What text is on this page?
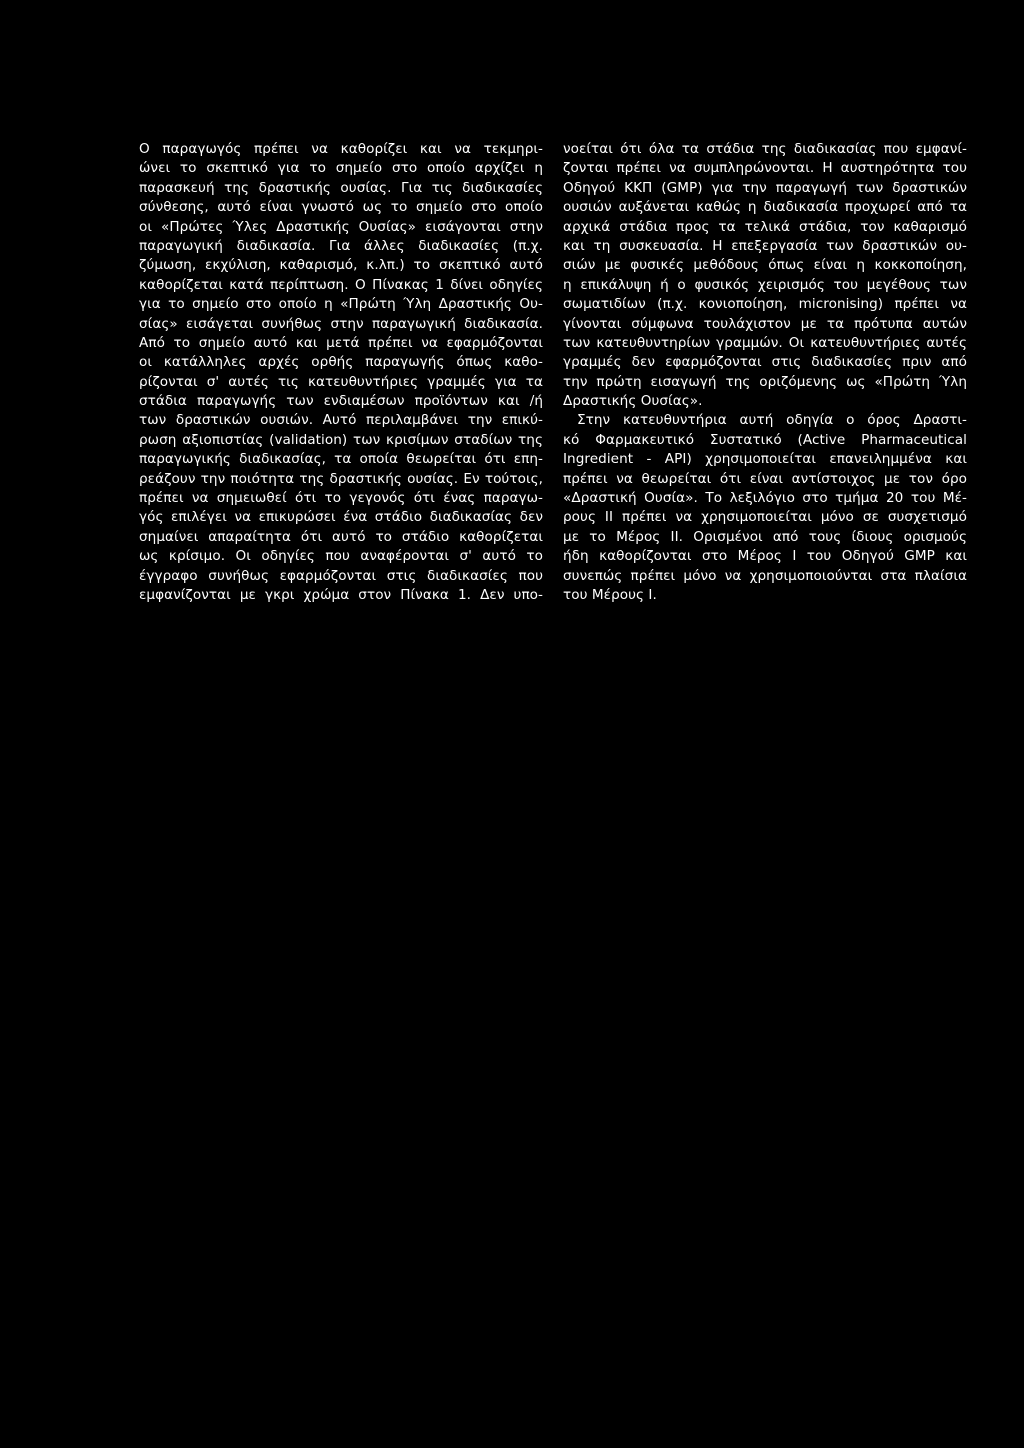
Ο παραγωγός πρέπει να καθορίζει και να τεκμηρι-
ώνει το σκεπτικό για το σημείο στο οποίο αρχίζει η
παρασκευή της δραστικής ουσίας. Για τις διαδικασίες
σύνθεσης, αυτό είναι γνωστό ως το σημείο στο οποίο
οι «Πρώτες Ύλες Δραστικής Ουσίας» εισάγονται στην
παραγωγική διαδικασία. Για άλλες διαδικασίες (π.χ.
ζύμωση, εκχύλιση, καθαρισμό, κ.λπ.) το σκεπτικό αυτό
καθορίζεται κατά περίπτωση. Ο Πίνακας 1 δίνει οδηγίες
για το σημείο στο οποίο η «Πρώτη Ύλη Δραστικής Ου-
σίας» εισάγεται συνήθως στην παραγωγική διαδικασία.
Από το σημείο αυτό και μετά πρέπει να εφαρμόζονται
οι κατάλληλες αρχές ορθής παραγωγής όπως καθο-
ρίζονται σ' αυτές τις κατευθυντήριες γραμμές για τα
στάδια παραγωγής των ενδιαμέσων προϊόντων και /ή
των δραστικών ουσιών. Αυτό περιλαμβάνει την επικύ-
ρωση αξιοπιστίας (validation) των κρισίμων σταδίων της
παραγωγικής διαδικασίας, τα οποία θεωρείται ότι επη-
ρεάζουν την ποιότητα της δραστικής ουσίας. Εν τούτοις,
πρέπει να σημειωθεί ότι το γεγονός ότι ένας παραγω-
γός επιλέγει να επικυρώσει ένα στάδιο διαδικασίας δεν
σημαίνει απαραίτητα ότι αυτό το στάδιο καθορίζεται
ως κρίσιμο. Οι οδηγίες που αναφέρονται σ' αυτό το
έγγραφο συνήθως εφαρμόζονται στις διαδικασίες που
εμφανίζονται με γκρι χρώμα στον Πίνακα 1. Δεν υπο-
νοείται ότι όλα τα στάδια της διαδικασίας που εμφανί-
ζονται πρέπει να συμπληρώνονται. Η αυστηρότητα του
Οδηγού ΚΚΠ (GMP) για την παραγωγή των δραστικών
ουσιών αυξάνεται καθώς η διαδικασία προχωρεί από τα
αρχικά στάδια προς τα τελικά στάδια, τον καθαρισμό
και τη συσκευασία. Η επεξεργασία των δραστικών ου-
σιών με φυσικές μεθόδους όπως είναι η κοκκοποίηση,
η επικάλυψη ή ο φυσικός χειρισμός του μεγέθους των
σωματιδίων (π.χ. κονιοποίηση, micronising) πρέπει να
γίνονται σύμφωνα τουλάχιστον με τα πρότυπα αυτών
των κατευθυντηρίων γραμμών. Οι κατευθυντήριες αυτές
γραμμές δεν εφαρμόζονται στις διαδικασίες πριν από
την πρώτη εισαγωγή της οριζόμενης ως «Πρώτη Ύλη
Δραστικής Ουσίας».
Στην κατευθυντήρια αυτή οδηγία ο όρος Δραστι-
κό Φαρμακευτικό Συστατικό (Active Pharmaceutical
Ingredient - API) χρησιμοποιείται επανειλημμένα και
πρέπει να θεωρείται ότι είναι αντίστοιχος με τον όρο
«Δραστική Ουσία». Το λεξιλόγιο στο τμήμα 20 του Μέ-
ρους ΙΙ πρέπει να χρησιμοποιείται μόνο σε συσχετισμό
με το Μέρος ΙΙ. Ορισμένοι από τους ίδιους ορισμούς
ήδη καθορίζονται στο Μέρος Ι του Οδηγού GMP και
συνεπώς πρέπει μόνο να χρησιμοποιούνται στα πλαίσια
του Μέρους Ι.
